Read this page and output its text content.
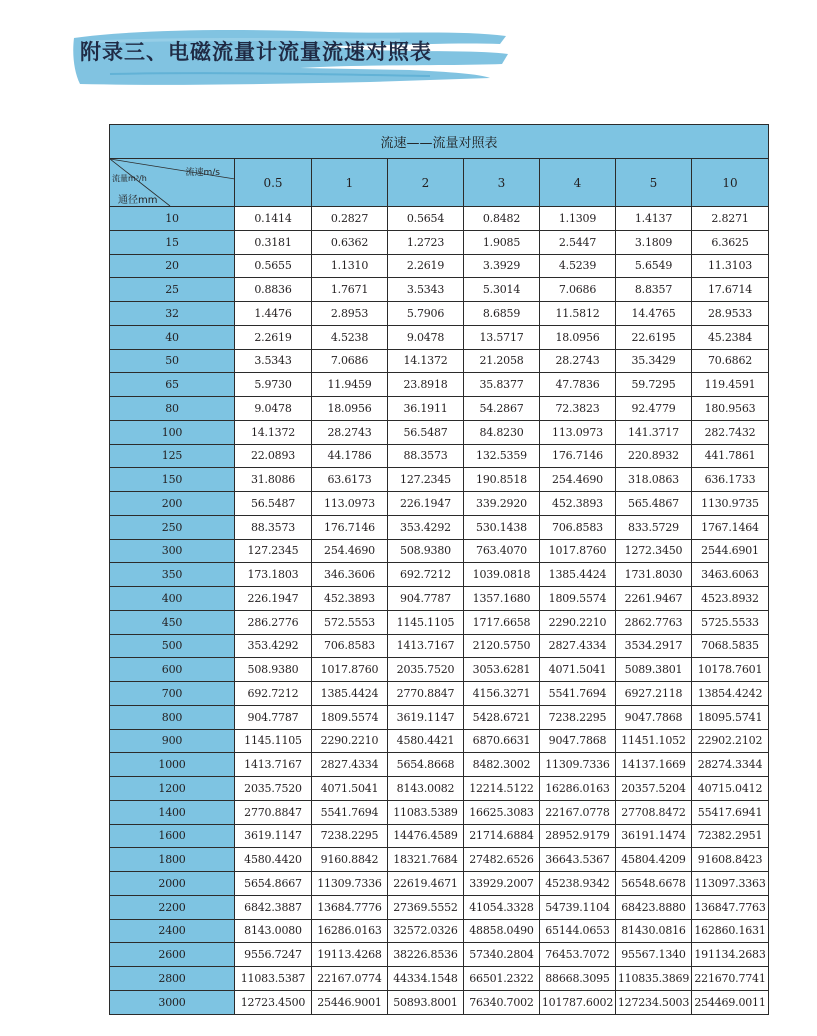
附录三、电磁流量计流量流速对照表
流速——流量对照表							

流速m/s
流量m³/h
通径mm	0.5	1	2	3	4	5	10
10	0.1414	0.2827	0.5654	0.8482	1.1309	1.4137	2.8271
15	0.3181	0.6362	1.2723	1.9085	2.5447	3.1809	6.3625
20	0.5655	1.1310	2.2619	3.3929	4.5239	5.6549	11.3103
25	0.8836	1.7671	3.5343	5.3014	7.0686	8.8357	17.6714
32	1.4476	2.8953	5.7906	8.6859	11.5812	14.4765	28.9533
40	2.2619	4.5238	9.0478	13.5717	18.0956	22.6195	45.2384
50	3.5343	7.0686	14.1372	21.2058	28.2743	35.3429	70.6862
65	5.9730	11.9459	23.8918	35.8377	47.7836	59.7295	119.4591
80	9.0478	18.0956	36.1911	54.2867	72.3823	92.4779	180.9563
100	14.1372	28.2743	56.5487	84.8230	113.0973	141.3717	282.7432
125	22.0893	44.1786	88.3573	132.5359	176.7146	220.8932	441.7861
150	31.8086	63.6173	127.2345	190.8518	254.4690	318.0863	636.1733
200	56.5487	113.0973	226.1947	339.2920	452.3893	565.4867	1130.9735
250	88.3573	176.7146	353.4292	530.1438	706.8583	833.5729	1767.1464
300	127.2345	254.4690	508.9380	763.4070	1017.8760	1272.3450	2544.6901
350	173.1803	346.3606	692.7212	1039.0818	1385.4424	1731.8030	3463.6063
400	226.1947	452.3893	904.7787	1357.1680	1809.5574	2261.9467	4523.8932
450	286.2776	572.5553	1145.1105	1717.6658	2290.2210	2862.7763	5725.5533
500	353.4292	706.8583	1413.7167	2120.5750	2827.4334	3534.2917	7068.5835
600	508.9380	1017.8760	2035.7520	3053.6281	4071.5041	5089.3801	10178.7601
700	692.7212	1385.4424	2770.8847	4156.3271	5541.7694	6927.2118	13854.4242
800	904.7787	1809.5574	3619.1147	5428.6721	7238.2295	9047.7868	18095.5741
900	1145.1105	2290.2210	4580.4421	6870.6631	9047.7868	11451.1052	22902.2102
1000	1413.7167	2827.4334	5654.8668	8482.3002	11309.7336	14137.1669	28274.3344
1200	2035.7520	4071.5041	8143.0082	12214.5122	16286.0163	20357.5204	40715.0412
1400	2770.8847	5541.7694	11083.5389	16625.3083	22167.0778	27708.8472	55417.6941
1600	3619.1147	7238.2295	14476.4589	21714.6884	28952.9179	36191.1474	72382.2951
1800	4580.4420	9160.8842	18321.7684	27482.6526	36643.5367	45804.4209	91608.8423
2000	5654.8667	11309.7336	22619.4671	33929.2007	45238.9342	56548.6678	113097.3363
2200	6842.3887	13684.7776	27369.5552	41054.3328	54739.1104	68423.8880	136847.7763
2400	8143.0080	16286.0163	32572.0326	48858.0490	65144.0653	81430.0816	162860.1631
2600	9556.7247	19113.4268	38226.8536	57340.2804	76453.7072	95567.1340	191134.2683
2800	11083.5387	22167.0774	44334.1548	66501.2322	88668.3095	110835.3869	221670.7741
3000	12723.4500	25446.9001	50893.8001	76340.7002	101787.6002	127234.5003	254469.0011
